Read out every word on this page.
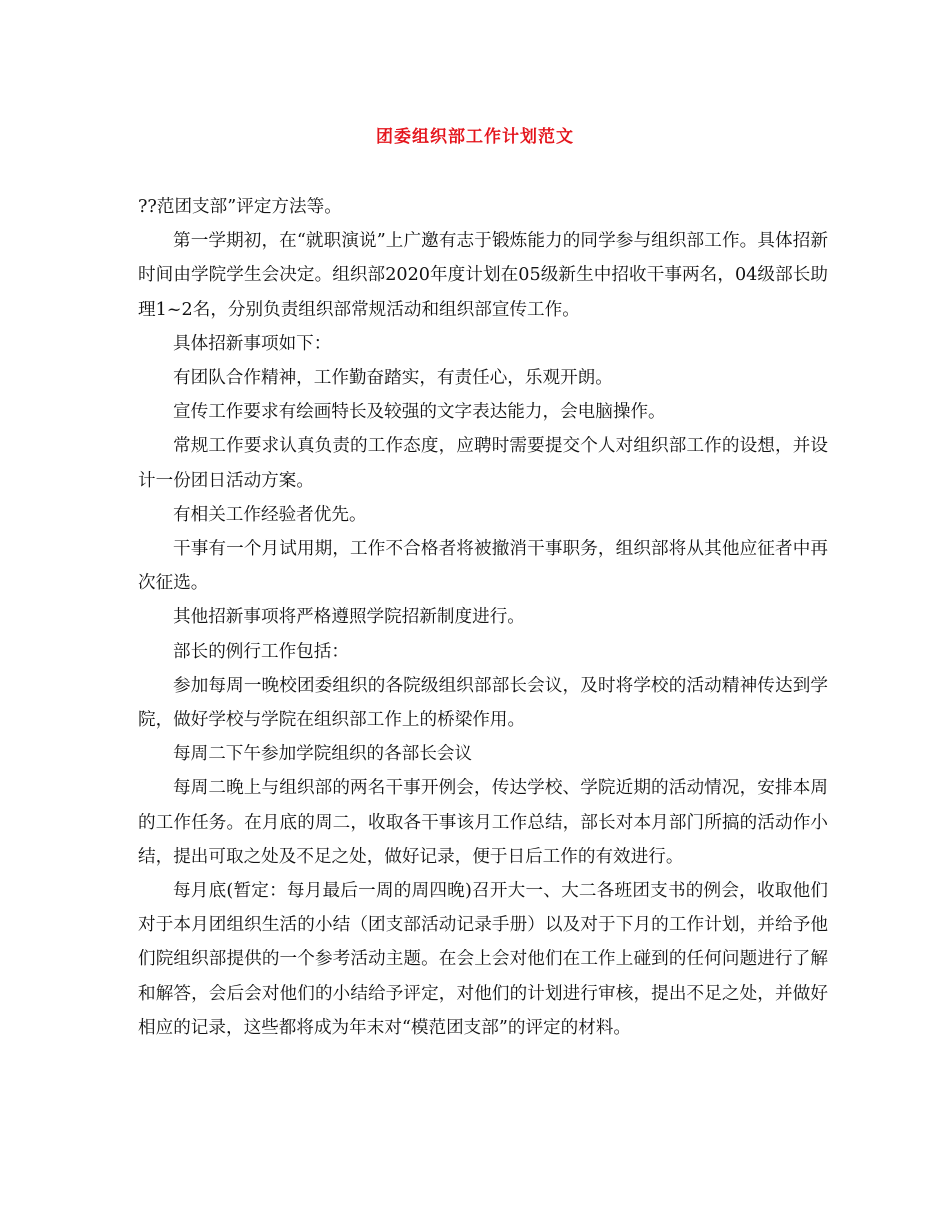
团委组织部工作计划范文

??范团支部”评定方法等。

第一学期初，在“就职演说”上广邀有志于锻炼能力的同学参与组织部工作。具体招新时间由学院学生会决定。组织部2020年度计划在05级新生中招收干事两名，04级部长助理1~2名，分别负责组织部常规活动和组织部宣传工作。

具体招新事项如下：

有团队合作精神，工作勤奋踏实，有责任心，乐观开朗。

宣传工作要求有绘画特长及较强的文字表达能力，会电脑操作。

常规工作要求认真负责的工作态度，应聘时需要提交个人对组织部工作的设想，并设计一份团日活动方案。

有相关工作经验者优先。

干事有一个月试用期，工作不合格者将被撤消干事职务，组织部将从其他应征者中再次征选。

其他招新事项将严格遵照学院招新制度进行。

部长的例行工作包括：

参加每周一晚校团委组织的各院级组织部部长会议，及时将学校的活动精神传达到学院，做好学校与学院在组织部工作上的桥梁作用。

每周二下午参加学院组织的各部长会议

每周二晚上与组织部的两名干事开例会，传达学校、学院近期的活动情况，安排本周的工作任务。在月底的周二，收取各干事该月工作总结，部长对本月部门所搞的活动作小结，提出可取之处及不足之处，做好记录，便于日后工作的有效进行。

每月底(暂定：每月最后一周的周四晚)召开大一、大二各班团支书的例会，收取他们对于本月团组织生活的小结（团支部活动记录手册）以及对于下月的工作计划，并给予他们院组织部提供的一个参考活动主题。在会上会对他们在工作上碰到的任何问题进行了解和解答，会后会对他们的小结给予评定，对他们的计划进行审核，提出不足之处，并做好相应的记录，这些都将成为年末对“模范团支部”的评定的材料。
